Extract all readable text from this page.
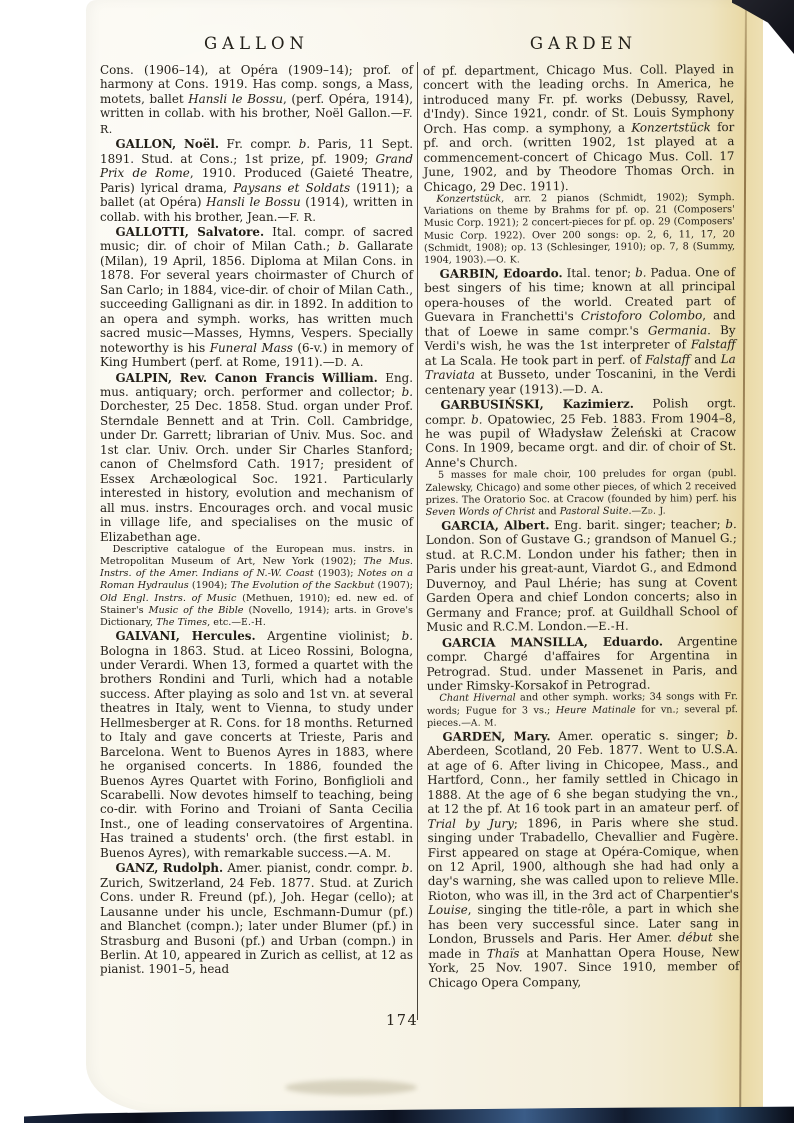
GALLON	GARDEN

Cons. (1906–14), at Opéra (1909–14); prof. of harmony at Cons. 1919. Has comp. songs, a Mass, motets, ballet Hansli le Bossu, (perf. Opéra, 1914), written in collab. with his brother, Noël Gallon.—F. R.

GALLON, Noël. Fr. compr. b. Paris, 11 Sept. 1891. Stud. at Cons.; 1st prize, pf. 1909; Grand Prix de Rome, 1910. Produced (Gaieté Theatre, Paris) lyrical drama, Paysans et Soldats (1911); a ballet (at Opéra) Hansli le Bossu (1914), written in collab. with his brother, Jean.—F. R.

GALLOTTI, Salvatore. Ital. compr. of sacred music; dir. of choir of Milan Cath.; b. Gallarate (Milan), 19 April, 1856. Diploma at Milan Cons. in 1878. For several years choirmaster of Church of San Carlo; in 1884, vice-dir. of choir of Milan Cath., succeeding Gallignani as dir. in 1892. In addition to an opera and symph. works, has written much sacred music—Masses, Hymns, Vespers. Specially noteworthy is his Funeral Mass (6-v.) in memory of King Humbert (perf. at Rome, 1911).—D. A.

GALPIN, Rev. Canon Francis William. Eng. mus. antiquary; orch. performer and collector; b. Dorchester, 25 Dec. 1858. Stud. organ under Prof. Sterndale Bennett and at Trin. Coll. Cambridge, under Dr. Garrett; librarian of Univ. Mus. Soc. and 1st clar. Univ. Orch. under Sir Charles Stanford; canon of Chelmsford Cath. 1917; president of Essex Archæological Soc. 1921. Particularly interested in history, evolution and mechanism of all mus. instrs. Encourages orch. and vocal music in village life, and specialises on the music of Elizabethan age.

Descriptive catalogue of the European mus. instrs. in Metropolitan Museum of Art, New York (1902); The Mus. Instrs. of the Amer. Indians of N.-W. Coast (1903); Notes on a Roman Hydraulus (1904); The Evolution of the Sackbut (1907); Old Engl. Instrs. of Music (Methuen, 1910); ed. new ed. of Stainer's Music of the Bible (Novello, 1914); arts. in Grove's Dictionary, The Times, etc.—E.-H.

GALVANI, Hercules. Argentine violinist; b. Bologna in 1863. Stud. at Liceo Rossini, Bologna, under Verardi. When 13, formed a quartet with the brothers Rondini and Turli, which had a notable success. After playing as solo and 1st vn. at several theatres in Italy, went to Vienna, to study under Hellmesberger at R. Cons. for 18 months. Returned to Italy and gave concerts at Trieste, Paris and Barcelona. Went to Buenos Ayres in 1883, where he organised concerts. In 1886, founded the Buenos Ayres Quartet with Forino, Bonfiglioli and Scarabelli. Now devotes himself to teaching, being co-dir. with Forino and Troiani of Santa Cecilia Inst., one of leading conservatoires of Argentina. Has trained a students' orch. (the first establ. in Buenos Ayres), with remarkable success.—A. M.

GANZ, Rudolph. Amer. pianist, condr. compr. b. Zurich, Switzerland, 24 Feb. 1877. Stud. at Zurich Cons. under R. Freund (pf.), Joh. Hegar (cello); at Lausanne under his uncle, Eschmann-Dumur (pf.) and Blanchet (compn.); later under Blumer (pf.) in Strasburg and Busoni (pf.) and Urban (compn.) in Berlin. At 10, appeared in Zurich as cellist, at 12 as pianist. 1901–5, head

of pf. department, Chicago Mus. Coll. Played in concert with the leading orchs. In America, he introduced many Fr. pf. works (Debussy, Ravel, d'Indy). Since 1921, condr. of St. Louis Symphony Orch. Has comp. a symphony, a Konzertstück for pf. and orch. (written 1902, 1st played at a commencement-concert of Chicago Mus. Coll. 17 June, 1902, and by Theodore Thomas Orch. in Chicago, 29 Dec. 1911).

Konzertstück, arr. 2 pianos (Schmidt, 1902); Symph. Variations on theme by Brahms for pf. op. 21 (Composers' Music Corp. 1921); 2 concert-pieces for pf. op. 29 (Composers' Music Corp. 1922). Over 200 songs: op. 2, 6, 11, 17, 20 (Schmidt, 1908); op. 13 (Schlesinger, 1910); op. 7, 8 (Summy, 1904, 1903).—O. K.

GARBIN, Edoardo. Ital. tenor; b. Padua. One of best singers of his time; known at all principal opera-houses of the world. Created part of Guevara in Franchetti's Cristoforo Colombo, and that of Loewe in same compr.'s Germania. By Verdi's wish, he was the 1st interpreter of Falstaff at La Scala. He took part in perf. of Falstaff and La Traviata at Busseto, under Toscanini, in the Verdi centenary year (1913).—D. A.

GARBUSIŃSKI, Kazimierz. Polish orgt. compr. b. Opatowiec, 25 Feb. 1883. From 1904–8, he was pupil of Władysław Żeleński at Cracow Cons. In 1909, became orgt. and dir. of choir of St. Anne's Church.

5 masses for male choir, 100 preludes for organ (publ. Zalewsky, Chicago) and some other pieces, of which 2 received prizes. The Oratorio Soc. at Cracow (founded by him) perf. his Seven Words of Christ and Pastoral Suite.—Zd. J.

GARCIA, Albert. Eng. barit. singer; teacher; b. London. Son of Gustave G.; grandson of Manuel G.; stud. at R.C.M. London under his father; then in Paris under his great-aunt, Viardot G., and Edmond Duvernoy, and Paul Lhérie; has sung at Covent Garden Opera and chief London concerts; also in Germany and France; prof. at Guildhall School of Music and R.C.M. London.—E.-H.

GARCIA MANSILLA, Eduardo. Argentine compr. Chargé d'affaires for Argentina in Petrograd. Stud. under Massenet in Paris, and under Rimsky-Korsakof in Petrograd.

Chant Hivernal and other symph. works; 34 songs with Fr. words; Fugue for 3 vs.; Heure Matinale for vn.; several pf. pieces.—A. M.

GARDEN, Mary. Amer. operatic s. singer; b. Aberdeen, Scotland, 20 Feb. 1877. Went to U.S.A. at age of 6. After living in Chicopee, Mass., and Hartford, Conn., her family settled in Chicago in 1888. At the age of 6 she began studying the vn., at 12 the pf. At 16 took part in an amateur perf. of Trial by Jury; 1896, in Paris where she stud. singing under Trabadello, Chevallier and Fugère. First appeared on stage at Opéra-Comique, when on 12 April, 1900, although she had had only a day's warning, she was called upon to relieve Mlle. Rioton, who was ill, in the 3rd act of Charpentier's Louise, singing the title-rôle, a part in which she has been very successful since. Later sang in London, Brussels and Paris. Her Amer. début she made in Thaïs at Manhattan Opera House, New York, 25 Nov. 1907. Since 1910, member of Chicago Opera Company,

174
